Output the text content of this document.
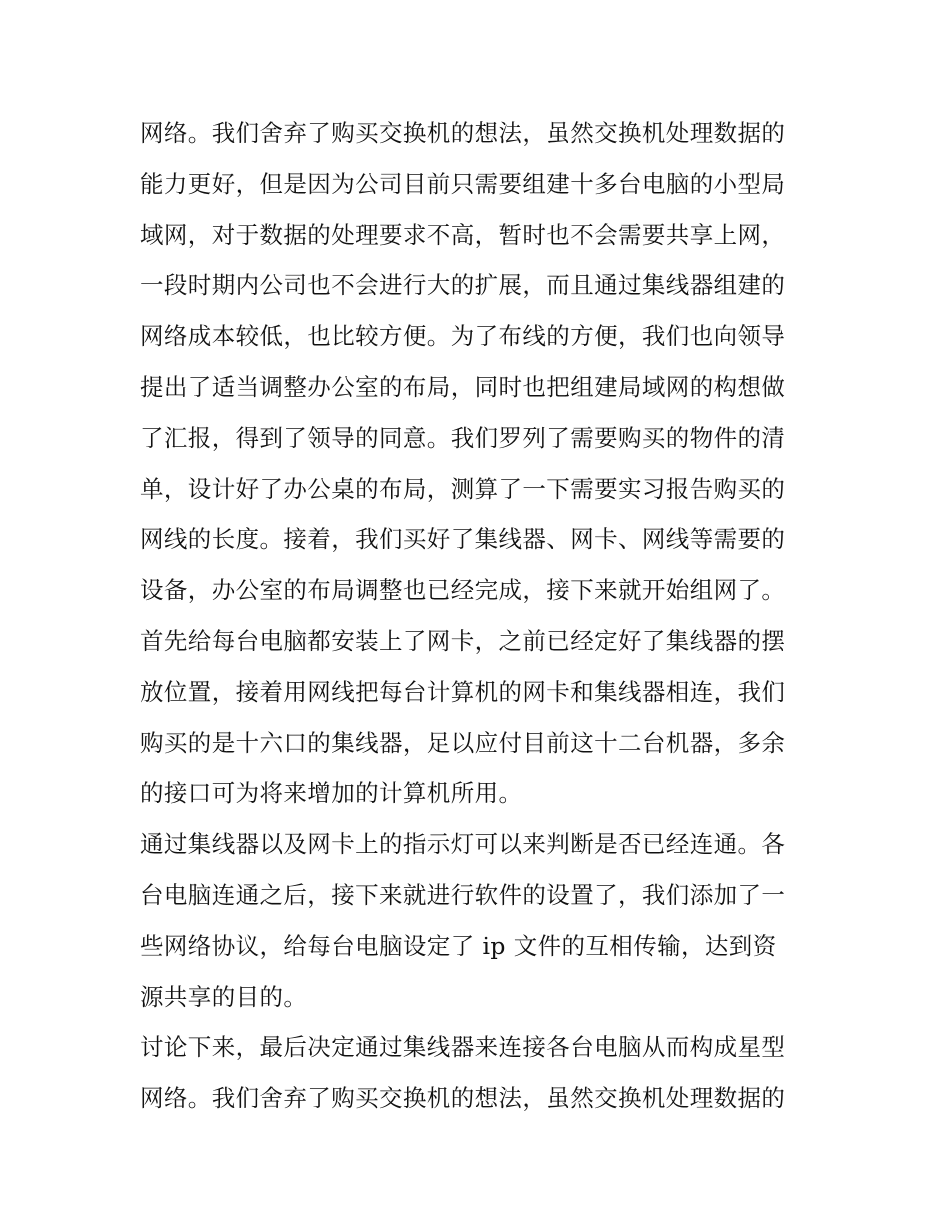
网络。我们舍弃了购买交换机的想法，虽然交换机处理数据的
能力更好，但是因为公司目前只需要组建十多台电脑的小型局
域网，对于数据的处理要求不高，暂时也不会需要共享上网，
一段时期内公司也不会进行大的扩展，而且通过集线器组建的
网络成本较低，也比较方便。为了布线的方便，我们也向领导
提出了适当调整办公室的布局，同时也把组建局域网的构想做
了汇报，得到了领导的同意。我们罗列了需要购买的物件的清
单，设计好了办公桌的布局，测算了一下需要实习报告购买的
网线的长度。接着，我们买好了集线器、网卡、网线等需要的
设备，办公室的布局调整也已经完成，接下来就开始组网了。
首先给每台电脑都安装上了网卡，之前已经定好了集线器的摆
放位置，接着用网线把每台计算机的网卡和集线器相连，我们
购买的是十六口的集线器，足以应付目前这十二台机器，多余
的接口可为将来增加的计算机所用。
通过集线器以及网卡上的指示灯可以来判断是否已经连通。各
台电脑连通之后，接下来就进行软件的设置了，我们添加了一
些网络协议，给每台电脑设定了 ip 文件的互相传输，达到资
源共享的目的。
讨论下来，最后决定通过集线器来连接各台电脑从而构成星型
网络。我们舍弃了购买交换机的想法，虽然交换机处理数据的
